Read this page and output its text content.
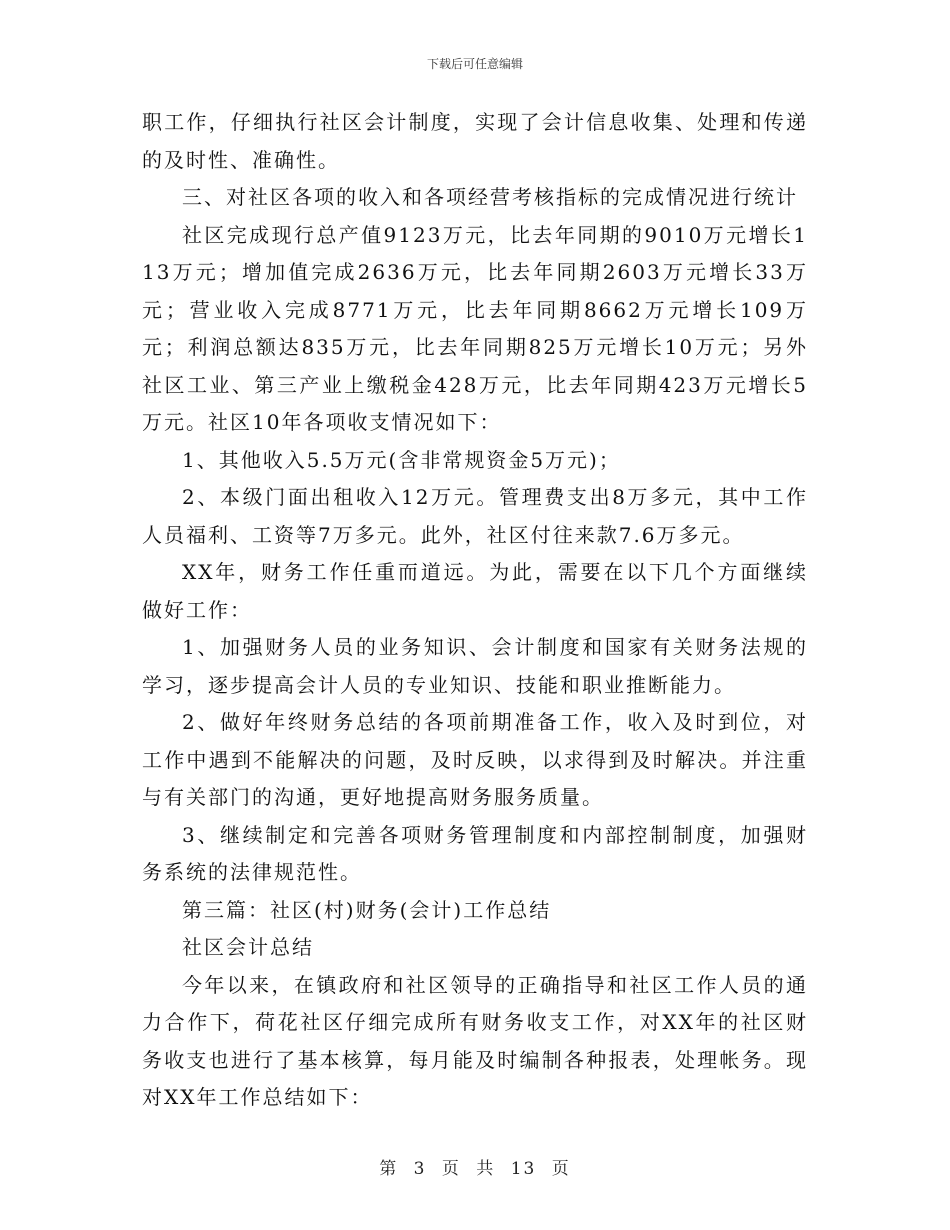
下载后可任意编辑

职工作，仔细执行社区会计制度，实现了会计信息收集、处理和传递的及时性、准确性。

三、对社区各项的收入和各项经营考核指标的完成情况进行统计

社区完成现行总产值9123万元，比去年同期的9010万元增长113万元；增加值完成2636万元，比去年同期2603万元增长33万元；营业收入完成8771万元，比去年同期8662万元增长109万元；利润总额达835万元，比去年同期825万元增长10万元；另外社区工业、第三产业上缴税金428万元，比去年同期423万元增长5万元。社区10年各项收支情况如下：

1、其他收入5.5万元(含非常规资金5万元)；

2、本级门面出租收入12万元。管理费支出8万多元，其中工作人员福利、工资等7万多元。此外，社区付往来款7.6万多元。

XX年，财务工作任重而道远。为此，需要在以下几个方面继续做好工作：

1、加强财务人员的业务知识、会计制度和国家有关财务法规的学习，逐步提高会计人员的专业知识、技能和职业推断能力。

2、做好年终财务总结的各项前期准备工作，收入及时到位，对工作中遇到不能解决的问题，及时反映，以求得到及时解决。并注重与有关部门的沟通，更好地提高财务服务质量。

3、继续制定和完善各项财务管理制度和内部控制制度，加强财务系统的法律规范性。

第三篇：社区(村)财务(会计)工作总结

社区会计总结

今年以来，在镇政府和社区领导的正确指导和社区工作人员的通力合作下，荷花社区仔细完成所有财务收支工作，对XX年的社区财务收支也进行了基本核算，每月能及时编制各种报表，处理帐务。现对XX年工作总结如下：

第 3 页 共 13 页
